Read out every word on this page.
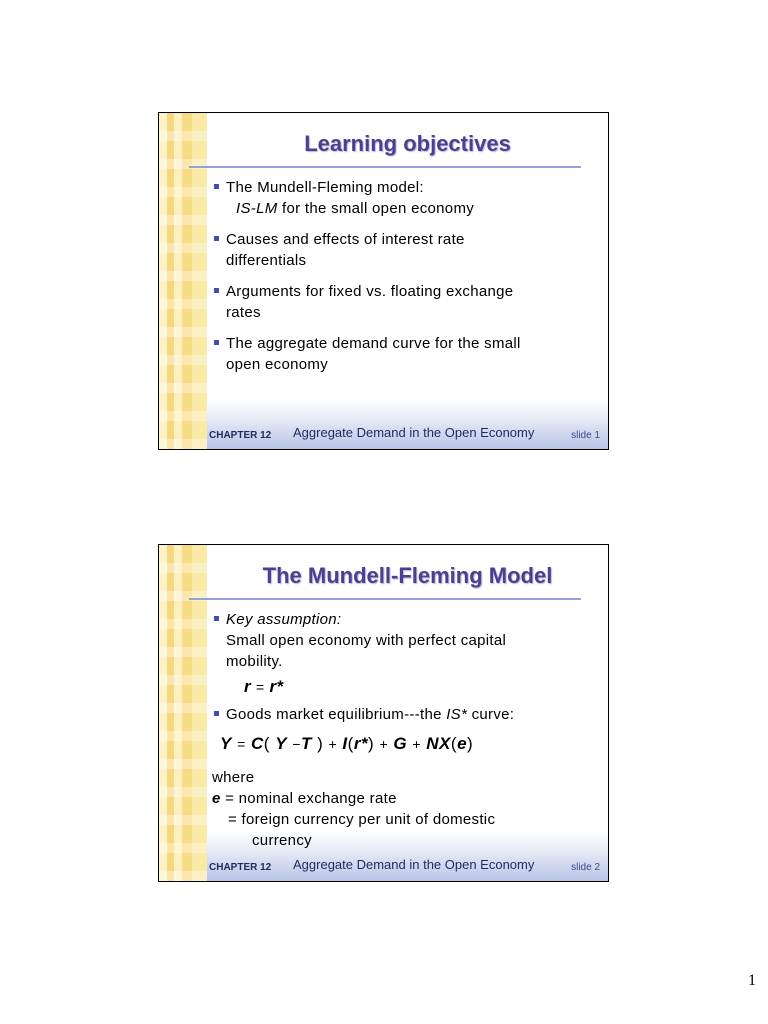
Learning objectives
The Mundell-Fleming model:
IS-LM for the small open economy
Causes and effects of interest rate
differentials
Arguments for fixed vs. floating exchange
rates
The aggregate demand curve for the small
open economy
CHAPTER 12 Aggregate Demand in the Open Economy	slide 1
The Mundell-Fleming Model
Key assumption:
Small open economy with perfect capital
mobility.
r = r*
Goods market equilibrium---the IS* curve:
Y = C( Y −T ) + I(r*) + G + NX(e)
where
e = nominal exchange rate
= foreign currency per unit of domestic
currency
CHAPTER 12 Aggregate Demand in the Open Economy	slide 2
1
